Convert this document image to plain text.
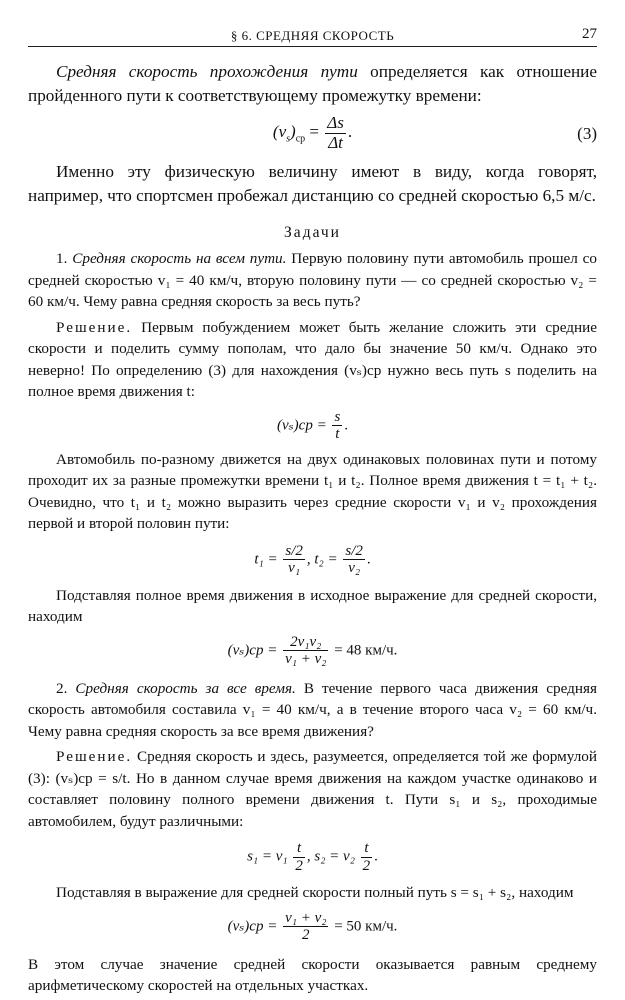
§ 6. СРЕДНЯЯ СКОРОСТЬ	27

Средняя скорость прохождения пути определяется как отношение пройденного пути к соответствующему промежутку времени:

$(v_s)_{ср} = \frac{\Delta s}{\Delta t}$ .	(3)

Именно эту физическую величину имеют в виду, когда говорят, например, что спортсмен пробежал дистанцию со средней скоростью 6,5 м/с.

Задачи

1. Средняя скорость на всем пути. Первую половину пути автомобиль прошел со средней скоростью v₁ = 40 км/ч, вторую половину пути — со средней скоростью v₂ = 60 км/ч. Чему равна средняя скорость за весь путь?

Решение. Первым побуждением может быть желание сложить эти средние скорости и поделить сумму пополам, что дало бы значение 50 км/ч. Однако это неверно! По определению (3) для нахождения (vₛ)ср нужно весь путь s поделить на полное время движения t:

$(v_s)ср = \frac{s}{t}$ .

Автомобиль по-разному движется на двух одинаковых половинах пути и потому проходит их за разные промежутки времени t₁ и t₂. Полное время движения t = t₁ + t₂. Очевидно, что t₁ и t₂ можно выразить через средние скорости v₁ и v₂ прохождения первой и второй половин пути:

$t_1 = \frac{s/2}{\text{v₁}}$ , $t_2 = \frac{s/2}{\text{v₂}}$ .

Подставляя полное время движения в исходное выражение для средней скорости, находим

$(v_s)ср = \frac{\text{2v₁v₂}}{\text{v₁ + v₂}} = 48$ км/ч.

2. Средняя скорость за все время. В течение первого часа движения средняя скорость автомобиля составила v₁ = 40 км/ч, а в течение второго часа v₂ = 60 км/ч. Чему равна средняя скорость за все время движения?

Решение. Средняя скорость и здесь, разумеется, определяется той же формулой (3): (vₛ)ср = s/t. Но в данном случае время движения на каждом участке одинаково и составляет половину полного времени движения t. Пути s₁ и s₂, проходимые автомобилем, будут различными:

$s_1 = v_1 \frac{t}{2}$ , $s_2 = v_2 \frac{t}{2}$ .

Подставляя в выражение для средней скорости полный путь s = s₁ + s₂, находим

$(v_s)ср = \frac{\text{v₁ + v₂}}{2} = 50$ км/ч.

В этом случае значение средней скорости оказывается равным среднему арифметическому скоростей на отдельных участках.
